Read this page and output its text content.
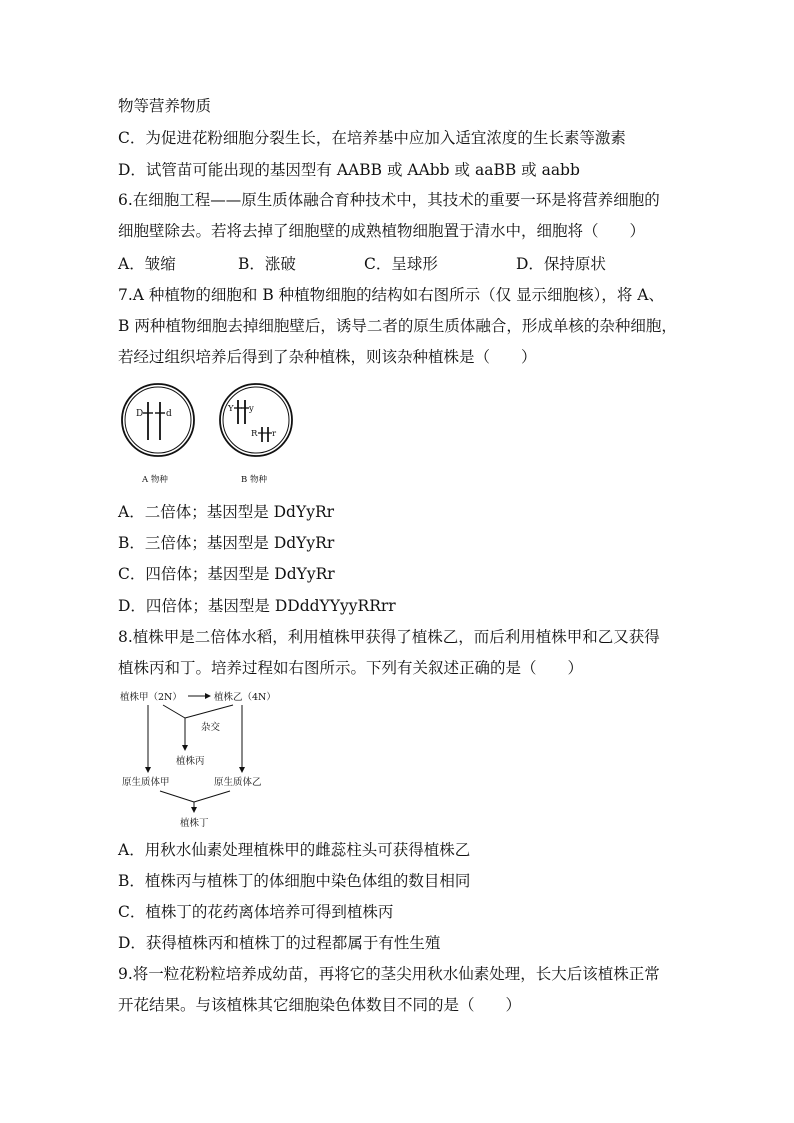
物等营养物质
C．为促进花粉细胞分裂生长，在培养基中应加入适宜浓度的生长素等激素
D．试管苗可能出现的基因型有 AABB 或 AAbb 或 aaBB 或 aabb
6.在细胞工程——原生质体融合育种技术中，其技术的重要一环是将营养细胞的
细胞壁除去。若将去掉了细胞壁的成熟植物细胞置于清水中，细胞将（　　）
A．皱缩	B．涨破	C．呈球形	D．保持原状
7.A 种植物的细胞和 B 种植物细胞的结构如右图所示（仅 显示细胞核），将 A、
B 两种植物细胞去掉细胞壁后，诱导二者的原生质体融合，形成单核的杂种细胞，
若经过组织培养后得到了杂种植株，则该杂种植株是（　　）
D	d
A 物种
Y y
R r
B 物种
A．二倍体；基因型是 DdYyRr
B．三倍体；基因型是 DdYyRr
C．四倍体；基因型是 DdYyRr
D．四倍体；基因型是 DDddYYyyRRrr
8.植株甲是二倍体水稻，利用植株甲获得了植株乙，而后利用植株甲和乙又获得
植株丙和丁。培养过程如右图所示。下列有关叙述正确的是（　　）
植株甲（2N）	植株乙（4N）
杂交
植株丙
原生质体甲	原生质体乙
植株丁
A．用秋水仙素处理植株甲的雌蕊柱头可获得植株乙
B．植株丙与植株丁的体细胞中染色体组的数目相同
C．植株丁的花药离体培养可得到植株丙
D．获得植株丙和植株丁的过程都属于有性生殖
9.将一粒花粉粒培养成幼苗，再将它的茎尖用秋水仙素处理，长大后该植株正常
开花结果。与该植株其它细胞染色体数目不同的是（　　）
